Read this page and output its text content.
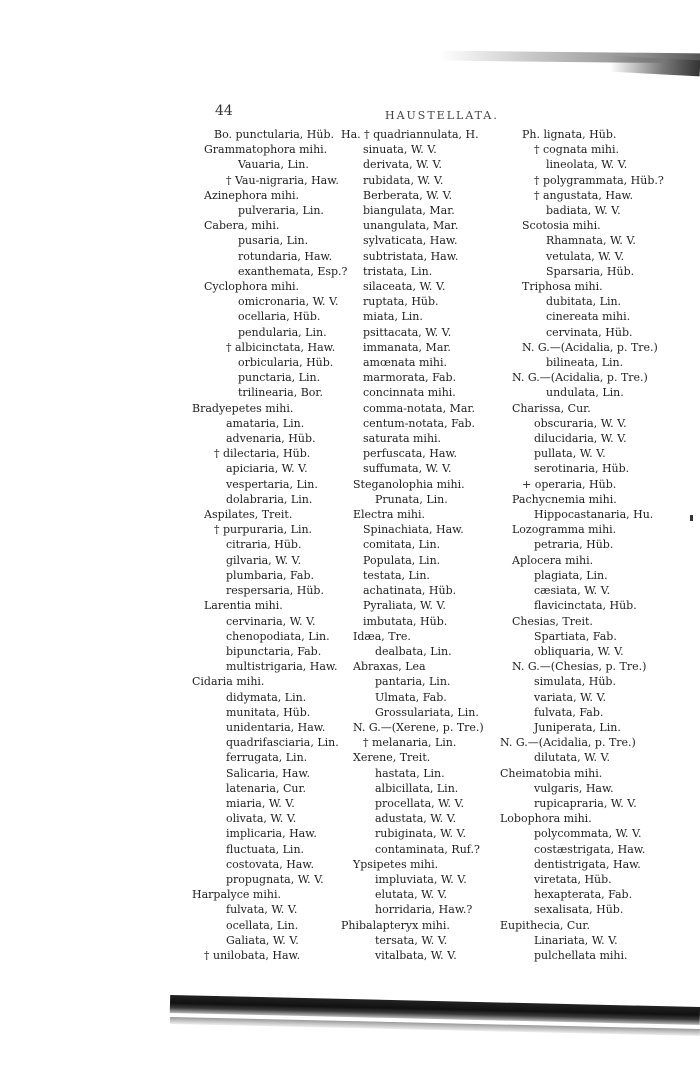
44	HAUSTELLATA.
Bo. punctularia, Hüb.
Grammatophora mihi.
Vauaria, Lin.
† Vau-nigraria, Haw.
Azinephora mihi.
pulveraria, Lin.
Cabera, mihi.
pusaria, Lin.
rotundaria, Haw.
exanthemata, Esp.?
Cyclophora mihi.
omicronaria, W. V.
ocellaria, Hüb.
pendularia, Lin.
† albicinctata, Haw.
orbicularia, Hüb.
punctaria, Lin.
trilinearia, Bor.
Bradyepetes mihi.
amataria, Lin.
advenaria, Hüb.
† dilectaria, Hüb.
apiciaria, W. V.
vespertaria, Lin.
dolabraria, Lin.
Aspilates, Treit.
† purpuraria, Lin.
citraria, Hüb.
gilvaria, W. V.
plumbaria, Fab.
respersaria, Hüb.
Larentia mihi.
cervinaria, W. V.
chenopodiata, Lin.
bipunctaria, Fab.
multistrigaria, Haw.
Cidaria mihi.
didymata, Lin.
munitata, Hüb.
unidentaria, Haw.
quadrifasciaria, Lin.
ferrugata, Lin.
Salicaria, Haw.
latenaria, Cur.
miaria, W. V.
olivata, W. V.
implicaria, Haw.
fluctuata, Lin.
costovata, Haw.
propugnata, W. V.
Harpalyce mihi.
fulvata, W. V.
ocellata, Lin.
Galiata, W. V.
† unilobata, Haw.
Ha. † quadriannulata, H.
sinuata, W. V.
derivata, W. V.
rubidata, W. V.
Berberata, W. V.
biangulata, Mar.
unangulata, Mar.
sylvaticata, Haw.
subtristata, Haw.
tristata, Lin.
silaceata, W. V.
ruptata, Hüb.
miata, Lin.
psittacata, W. V.
immanata, Mar.
amœnata mihi.
marmorata, Fab.
concinnata mihi.
comma-notata, Mar.
centum-notata, Fab.
saturata mihi.
perfuscata, Haw.
suffumata, W. V.
Steganolophia mihi.
Prunata, Lin.
Electra mihi.
Spinachiata, Haw.
comitata, Lin.
Populata, Lin.
testata, Lin.
achatinata, Hüb.
Pyraliata, W. V.
imbutata, Hüb.
Idæa, Tre.
dealbata, Lin.
Abraxas, Lea
pantaria, Lin.
Ulmata, Fab.
Grossulariata, Lin.
N. G.—(Xerene, p. Tre.)
† melanaria, Lin.
Xerene, Treit.
hastata, Lin.
albicillata, Lin.
procellata, W. V.
adustata, W. V.
rubiginata, W. V.
contaminata, Ruf.?
Ypsipetes mihi.
impluviata, W. V.
elutata, W. V.
horridaria, Haw.?
Phibalapteryx mihi.
tersata, W. V.
vitalbata, W. V.
Ph. lignata, Hüb.
† cognata mihi.
lineolata, W. V.
† polygrammata, Hüb.?
† angustata, Haw.
badiata, W. V.
Scotosia mihi.
Rhamnata, W. V.
vetulata, W. V.
Sparsaria, Hüb.
Triphosa mihi.
dubitata, Lin.
cinereata mihi.
cervinata, Hüb.
N. G.—(Acidalia, p. Tre.)
bilineata, Lin.
N. G.—(Acidalia, p. Tre.)
undulata, Lin.
Charissa, Cur.
obscuraria, W. V.
dilucidaria, W. V.
pullata, W. V.
serotinaria, Hüb.
+ operaria, Hüb.
Pachycnemia mihi.
Hippocastanaria, Hu.
Lozogramma mihi.
petraria, Hüb.
Aplocera mihi.
plagiata, Lin.
cæsiata, W. V.
flavicinctata, Hüb.
Chesias, Treit.
Spartiata, Fab.
obliquaria, W. V.
N. G.—(Chesias, p. Tre.)
simulata, Hüb.
variata, W. V.
fulvata, Fab.
Juniperata, Lin.
N. G.—(Acidalia, p. Tre.)
dilutata, W. V.
Cheimatobia mihi.
vulgaris, Haw.
rupicapraria, W. V.
Lobophora mihi.
polycommata, W. V.
costæstrigata, Haw.
dentistrigata, Haw.
viretata, Hüb.
hexapterata, Fab.
sexalisata, Hüb.
Eupithecia, Cur.
Linariata, W. V.
pulchellata mihi.
